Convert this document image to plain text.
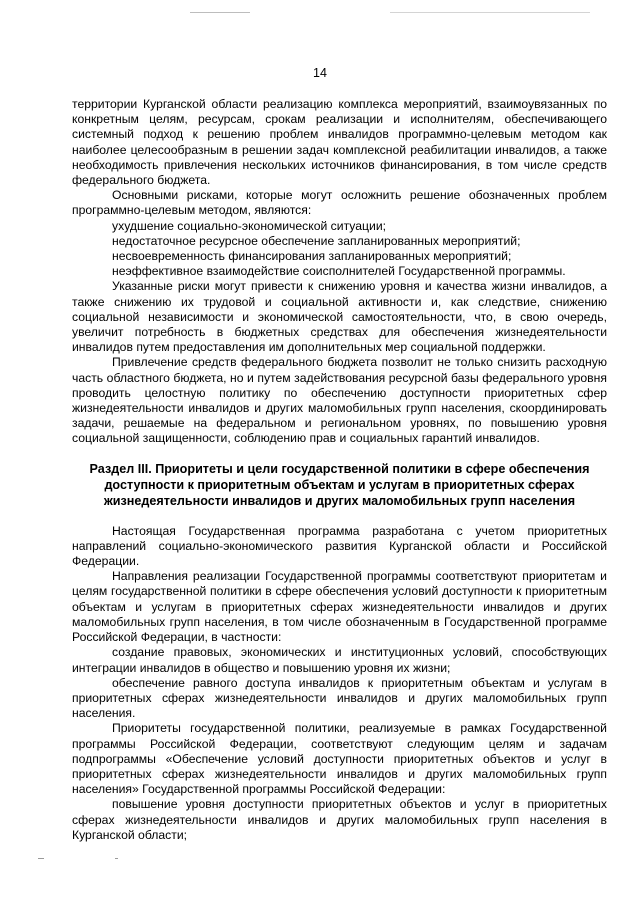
14

территории Курганской области реализацию комплекса мероприятий, взаимоувязанных по конкретным целям, ресурсам, срокам реализации и исполнителям, обеспечивающего системный подход к решению проблем инвалидов программно-целевым методом как наиболее целесообразным в решении задач комплексной реабилитации инвалидов, а также необходимость привлечения нескольких источников финансирования, в том числе средств федерального бюджета.

Основными рисками, которые могут осложнить решение обозначенных проблем программно-целевым методом, являются:

ухудшение социально-экономической ситуации;

недостаточное ресурсное обеспечение запланированных мероприятий;

несвоевременность финансирования запланированных мероприятий;

неэффективное взаимодействие соисполнителей Государственной программы.

Указанные риски могут привести к снижению уровня и качества жизни инвалидов, а также снижению их трудовой и социальной активности и, как следствие, снижению социальной независимости и экономической самостоятельности, что, в свою очередь, увеличит потребность в бюджетных средствах для обеспечения жизнедеятельности инвалидов путем предоставления им дополнительных мер социальной поддержки.

Привлечение средств федерального бюджета позволит не только снизить расходную часть областного бюджета, но и путем задействования ресурсной базы федерального уровня проводить целостную политику по обеспечению доступности приоритетных сфер жизнедеятельности инвалидов и других маломобильных групп населения, скоординировать задачи, решаемые на федеральном и региональном уровнях, по повышению уровня социальной защищенности, соблюдению прав и социальных гарантий инвалидов.

Раздел III. Приоритеты и цели государственной политики в сфере обеспечения доступности к приоритетным объектам и услугам в приоритетных сферах жизнедеятельности инвалидов и других маломобильных групп населения

Настоящая Государственная программа разработана с учетом приоритетных направлений социально-экономического развития Курганской области и Российской Федерации.

Направления реализации Государственной программы соответствуют приоритетам и целям государственной политики в сфере обеспечения условий доступности к приоритетным объектам и услугам в приоритетных сферах жизнедеятельности инвалидов и других маломобильных групп населения, в том числе обозначенным в Государственной программе Российской Федерации, в частности:

создание правовых, экономических и институционных условий, способствующих интеграции инвалидов в общество и повышению уровня их жизни;

обеспечение равного доступа инвалидов к приоритетным объектам и услугам в приоритетных сферах жизнедеятельности инвалидов и других маломобильных групп населения.

Приоритеты государственной политики, реализуемые в рамках Государственной программы Российской Федерации, соответствуют следующим целям и задачам подпрограммы «Обеспечение условий доступности приоритетных объектов и услуг в приоритетных сферах жизнедеятельности инвалидов и других маломобильных групп населения» Государственной программы Российской Федерации:

повышение уровня доступности приоритетных объектов и услуг в приоритетных сферах жизнедеятельности инвалидов и других маломобильных групп населения в Курганской области;
